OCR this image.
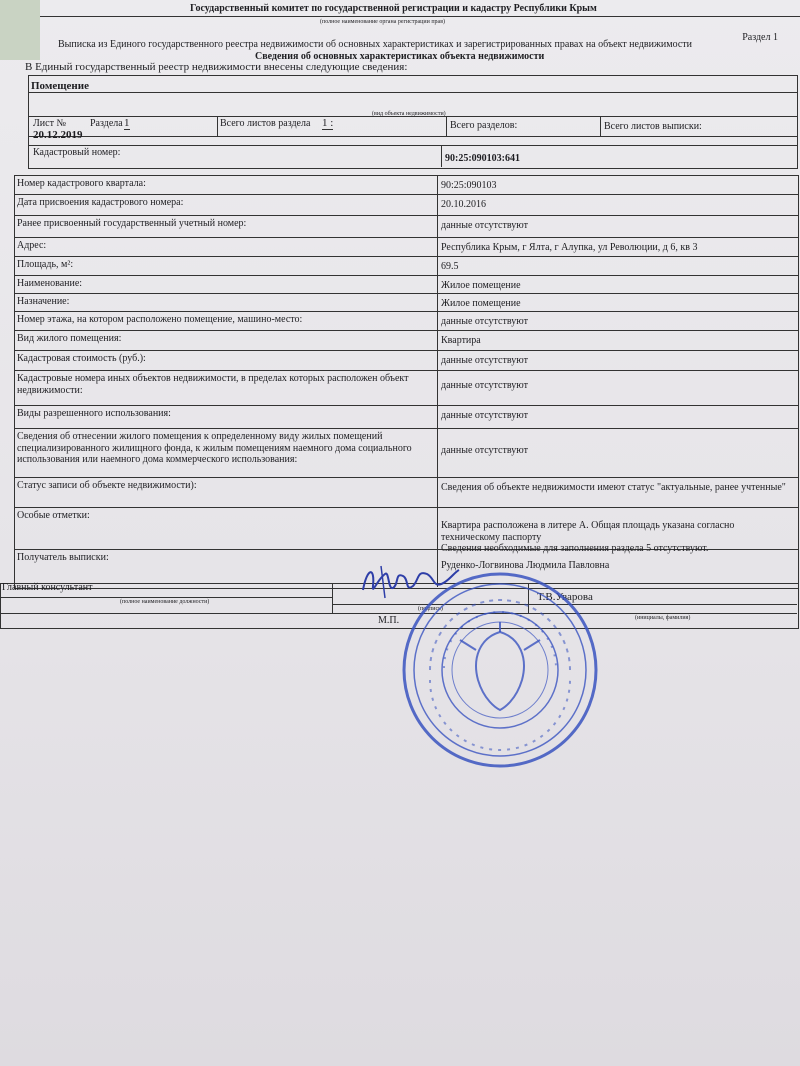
Государственный комитет по государственной регистрации и кадастру Республики Крым
(полное наименование органа регистрации прав)
Раздел 1
Выписка из Единого государственного реестра недвижимости об основных характеристиках и зарегистрированных правах на объект недвижимости
Сведения об основных характеристиках объекта недвижимости
В Единый государственный реестр недвижимости внесены следующие сведения:
Помещение
(вид объекта недвижимости)
Лист № Раздела 1	Всего листов раздела 1 :	Всего разделов:	Всего листов выписки:
20.12.2019
Кадастровый номер:
90:25:090103:641
Номер кадастрового квартала:	90:25:090103
Дата присвоения кадастрового номера:	20.10.2016
Ранее присвоенный государственный учетный номер:	данные отсутствуют
Адрес:	Республика Крым, г Ялта, г Алупка, ул Революции, д 6, кв 3
Площадь, м²:	69.5
Наименование:	Жилое помещение
Назначение:	Жилое помещение
Номер этажа, на котором расположено помещение, машино-место:	данные отсутствуют
Вид жилого помещения:	Квартира
Кадастровая стоимость (руб.):	данные отсутствуют
Кадастровые номера иных объектов недвижимости, в пределах которых расположен объект недвижимости:	данные отсутствуют
Виды разрешенного использования:	данные отсутствуют
Сведения об отнесении жилого помещения к определенному виду жилых помещений специализированного жилищного фонда, к жилым помещениям наемного дома социального использования или наемного дома коммерческого использования:
данные отсутствуют
Статус записи об объекте недвижимости):	Сведения об объекте недвижимости имеют статус "актуальные, ранее учтенные"
Особые отметки:
Квартира расположена в литере А. Общая площадь указана согласно техническому паспорту
Сведения необходимые для заполнения раздела 5 отсутствуют.
Получатель выписки:
Руденко-Логвинова Людмила Павловна
Главный консультант
(полное наименование должности)	Т.В.Уварова
(подпись)
(инициалы, фамилия)
М.П.
